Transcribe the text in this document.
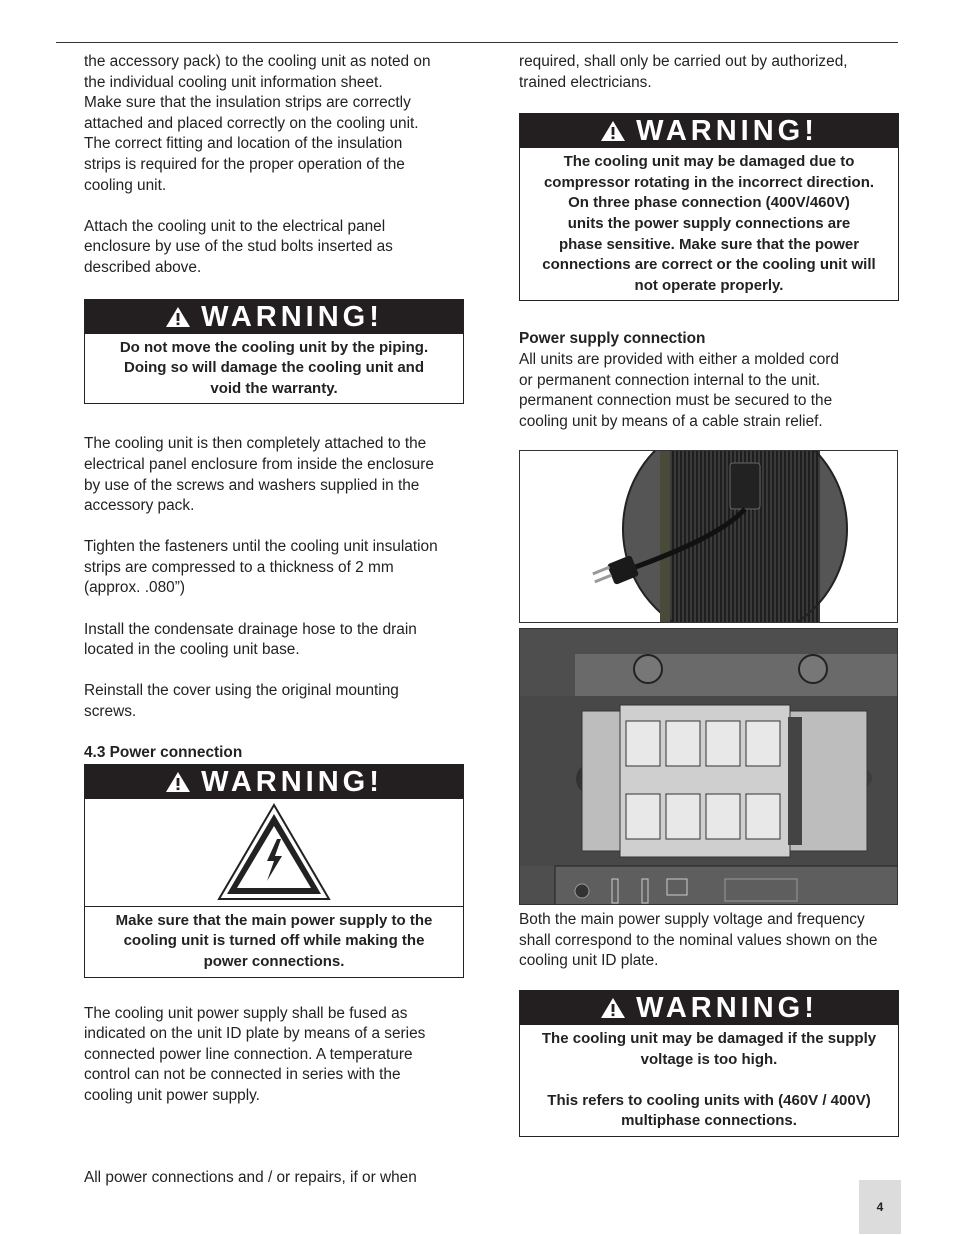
the accessory pack) to the cooling unit as noted on
the individual cooling unit information sheet.
Make sure that the insulation strips are correctly
attached and placed correctly on the cooling unit.
The correct fitting and location of the insulation
strips is required for the proper operation of the
cooling unit.

Attach the cooling unit to the electrical panel
enclosure by use of the stud bolts inserted as
described above.

WARNING!
Do not move the cooling unit by the piping.
Doing so will damage the cooling unit and
void the warranty.

The cooling unit is then completely attached to the
electrical panel enclosure from inside the enclosure
by use of the screws and washers supplied in the
accessory pack.

Tighten the fasteners until the cooling unit insulation
strips are compressed to a thickness of 2 mm
(approx. .080”)

Install the condensate drainage hose to the drain
located in the cooling unit base.

Reinstall the cover using the original mounting
screws.

4.3 Power connection

WARNING!
Make sure that the main power supply to the
cooling unit is turned off while making the
power connections.

The cooling unit power supply shall be fused as
indicated on the unit ID plate by means of a series
connected power line connection. A temperature
control can not be connected in series with the
cooling unit power supply.

All power connections and / or repairs, if or when

required, shall only be carried out by authorized,
trained electricians.

WARNING!
The cooling unit may be damaged due to
compressor rotating in the incorrect direction.
On three phase connection (400V/460V)
units the power supply connections are
phase sensitive. Make sure that the power
connections are correct or the cooling unit will
not operate properly.

Power supply connection

All units are provided with either a molded cord
or permanent connection internal to the unit.
permanent connection must be secured to the
cooling unit by means of a cable strain relief.

Both the main power supply voltage and frequency
shall correspond to the nominal values shown on the
cooling unit ID plate.

WARNING!
The cooling unit may be damaged if the supply
voltage is too high.

This refers to cooling units with (460V / 400V)
multiphase connections.
4
